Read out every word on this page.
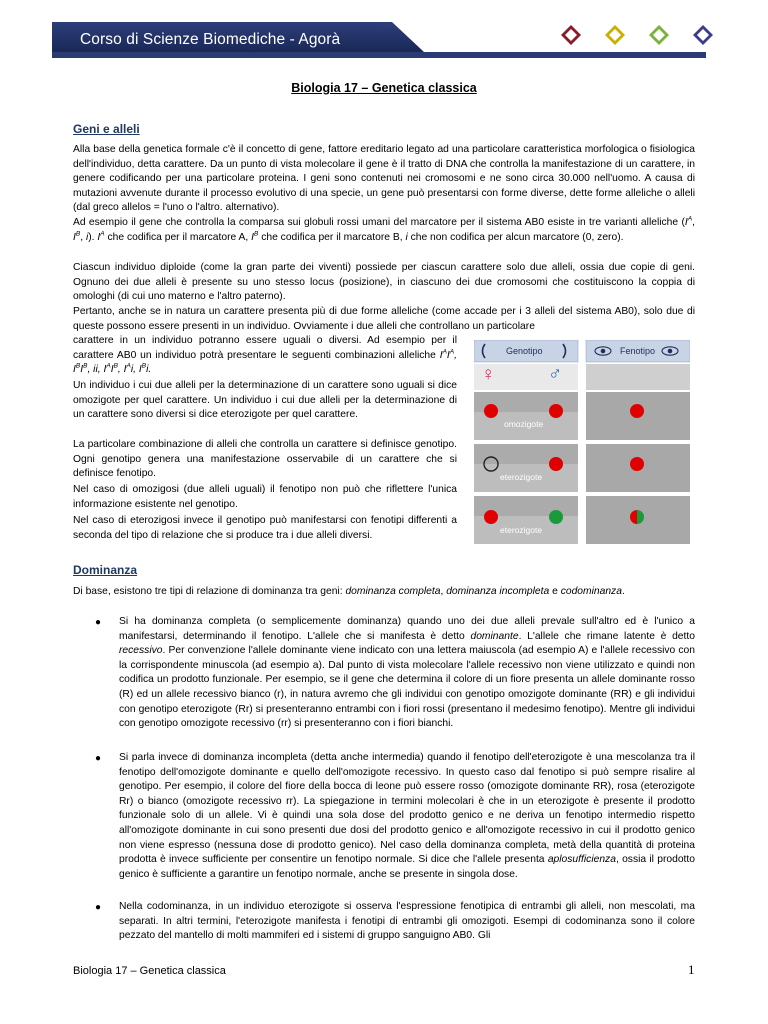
Corso di Scienze Biomediche - Agorà
Biologia 17 – Genetica classica
Geni e alleli

Alla base della genetica formale c'è il concetto di gene, fattore ereditario legato ad una particolare caratteristica morfologica o fisiologica dell'individuo, detta carattere. Da un punto di vista molecolare il gene è il tratto di DNA che controlla la manifestazione di un carattere, in genere codificando per una particolare proteina. I geni sono contenuti nei cromosomi e ne sono circa 30.000 nell'uomo. A causa di mutazioni avvenute durante il processo evolutivo di una specie, un gene può presentarsi con forme diverse, dette forme alleliche o alleli (dal greco allelos = l'uno o l'altro. alternativo).

Ad esempio il gene che controlla la comparsa sui globuli rossi umani del marcatore per il sistema AB0 esiste in tre varianti alleliche ($I^A$, $I^B$, i). $I^A$ che codifica per il marcatore A, $I^B$ che codifica per il marcatore B, i che non codifica per alcun marcatore (0, zero).

Ciascun individuo diploide (come la gran parte dei viventi) possiede per ciascun carattere solo due alleli, ossia due copie di geni. Ognuno dei due alleli è presente su uno stesso locus (posizione), in ciascuno dei due cromosomi che costituiscono la coppia di omologhi (di cui uno materno e l'altro paterno).

Pertanto, anche se in natura un carattere presenta più di due forme alleliche (come accade per i 3 alleli del sistema AB0), solo due di queste possono essere presenti in un individuo. Ovviamente i due alleli che controllano un particolare

carattere in un individuo potranno essere uguali o diversi. Ad esempio per il carattere AB0 un individuo potrà presentare le seguenti combinazioni alleliche $I^AI^A$, $I^BI^B$, ii, $I^AI^B$, $I^Ai$, $I^Bi$.

Un individuo i cui due alleli per la determinazione di un carattere sono uguali si dice omozigote per quel carattere. Un individuo i cui due alleli per la determinazione di un carattere sono diversi si dice eterozigote per quel carattere.

La particolare combinazione di alleli che controlla un carattere si definisce genotipo. Ogni genotipo genera una manifestazione osservabile di un carattere che si definisce fenotipo.

Nel caso di omozigosi (due alleli uguali) il fenotipo non può che riflettere l'unica informazione esistente nel genotipo.

Nel caso di eterozigosi invece il genotipo può manifestarsi con fenotipi differenti a seconda del tipo di relazione che si produce tra i due alleli diversi.

Genotipo	Fenotipo
♀	♂
omozigote
eterozigote
eterozigote
Dominanza

Di base, esistono tre tipi di relazione di dominanza tra geni: dominanza completa, dominanza incompleta e codominanza.

● Si ha dominanza completa (o semplicemente dominanza) quando uno dei due alleli prevale sull'altro ed è l'unico a manifestarsi, determinando il fenotipo. L'allele che si manifesta è detto dominante. L'allele che rimane latente è detto recessivo. Per convenzione l'allele dominante viene indicato con una lettera maiuscola (ad esempio A) e l'allele recessivo con la corrispondente minuscola (ad esempio a). Dal punto di vista molecolare l'allele recessivo non viene utilizzato e quindi non codifica un prodotto funzionale. Per esempio, se il gene che determina il colore di un fiore presenta un allele dominante rosso (R) ed un allele recessivo bianco (r), in natura avremo che gli individui con genotipo omozigote dominante (RR) e gli individui con genotipo eterozigote (Rr) si presenteranno entrambi con i fiori rossi (presentano il medesimo fenotipo). Mentre gli individui con genotipo omozigote recessivo (rr) si presenteranno con i fiori bianchi.

● Si parla invece di dominanza incompleta (detta anche intermedia) quando il fenotipo dell'eterozigote è una mescolanza tra il fenotipo dell'omozigote dominante e quello dell'omozigote recessivo. In questo caso dal fenotipo si può sempre risalire al genotipo. Per esempio, il colore del fiore della bocca di leone può essere rosso (omozigote dominante RR), rosa (eterozigote Rr) o bianco (omozigote recessivo rr). La spiegazione in termini molecolari è che in un eterozigote è presente il prodotto funzionale solo di un allele. Vi è quindi una sola dose del prodotto genico e ne deriva un fenotipo intermedio rispetto all'omozigote dominante in cui sono presenti due dosi del prodotto genico e all'omozigote recessivo in cui il prodotto genico non viene espresso (nessuna dose di prodotto genico). Nel caso della dominanza completa, metà della quantità di proteina prodotta è invece sufficiente per consentire un fenotipo normale. Si dice che l'allele presenta aplosufficienza, ossia il prodotto genico è sufficiente a garantire un fenotipo normale, anche se presente in singola dose.

● Nella codominanza, in un individuo eterozigote si osserva l'espressione fenotipica di entrambi gli alleli, non mescolati, ma separati. In altri termini, l'eterozigote manifesta i fenotipi di entrambi gli omozigoti. Esempi di codominanza sono il colore pezzato del mantello di molti mammiferi ed i sistemi di gruppo sanguigno AB0. Gli

Biologia 17 – Genetica classica	1
